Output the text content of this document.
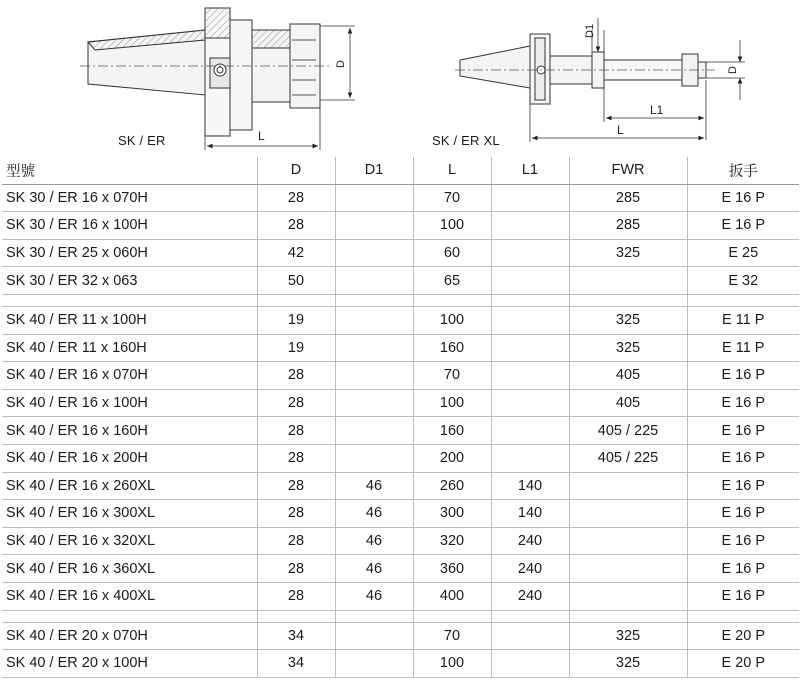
D
L
D1
D
L1
L
SK / ER	SK / ER XL
型號	D	D1	L	L1	FWR	扳手
SK 30 / ER 16 x 070H	28		70		285	E 16 P
SK 30 / ER 16 x 100H	28		100		285	E 16 P
SK 30 / ER 25 x 060H	42		60		325	E 25
SK 30 / ER 32 x 063	50		65			E 32

SK 40 / ER 11 x 100H	19		100		325	E 11 P
SK 40 / ER 11 x 160H	19		160		325	E 11 P
SK 40 / ER 16 x 070H	28		70		405	E 16 P
SK 40 / ER 16 x 100H	28		100		405	E 16 P
SK 40 / ER 16 x 160H	28		160		405 / 225	E 16 P
SK 40 / ER 16 x 200H	28		200		405 / 225	E 16 P
SK 40 / ER 16 x 260XL	28	46	260	140		E 16 P
SK 40 / ER 16 x 300XL	28	46	300	140		E 16 P
SK 40 / ER 16 x 320XL	28	46	320	240		E 16 P
SK 40 / ER 16 x 360XL	28	46	360	240		E 16 P
SK 40 / ER 16 x 400XL	28	46	400	240		E 16 P

SK 40 / ER 20 x 070H	34		70		325	E 20 P
SK 40 / ER 20 x 100H	34		100		325	E 20 P
